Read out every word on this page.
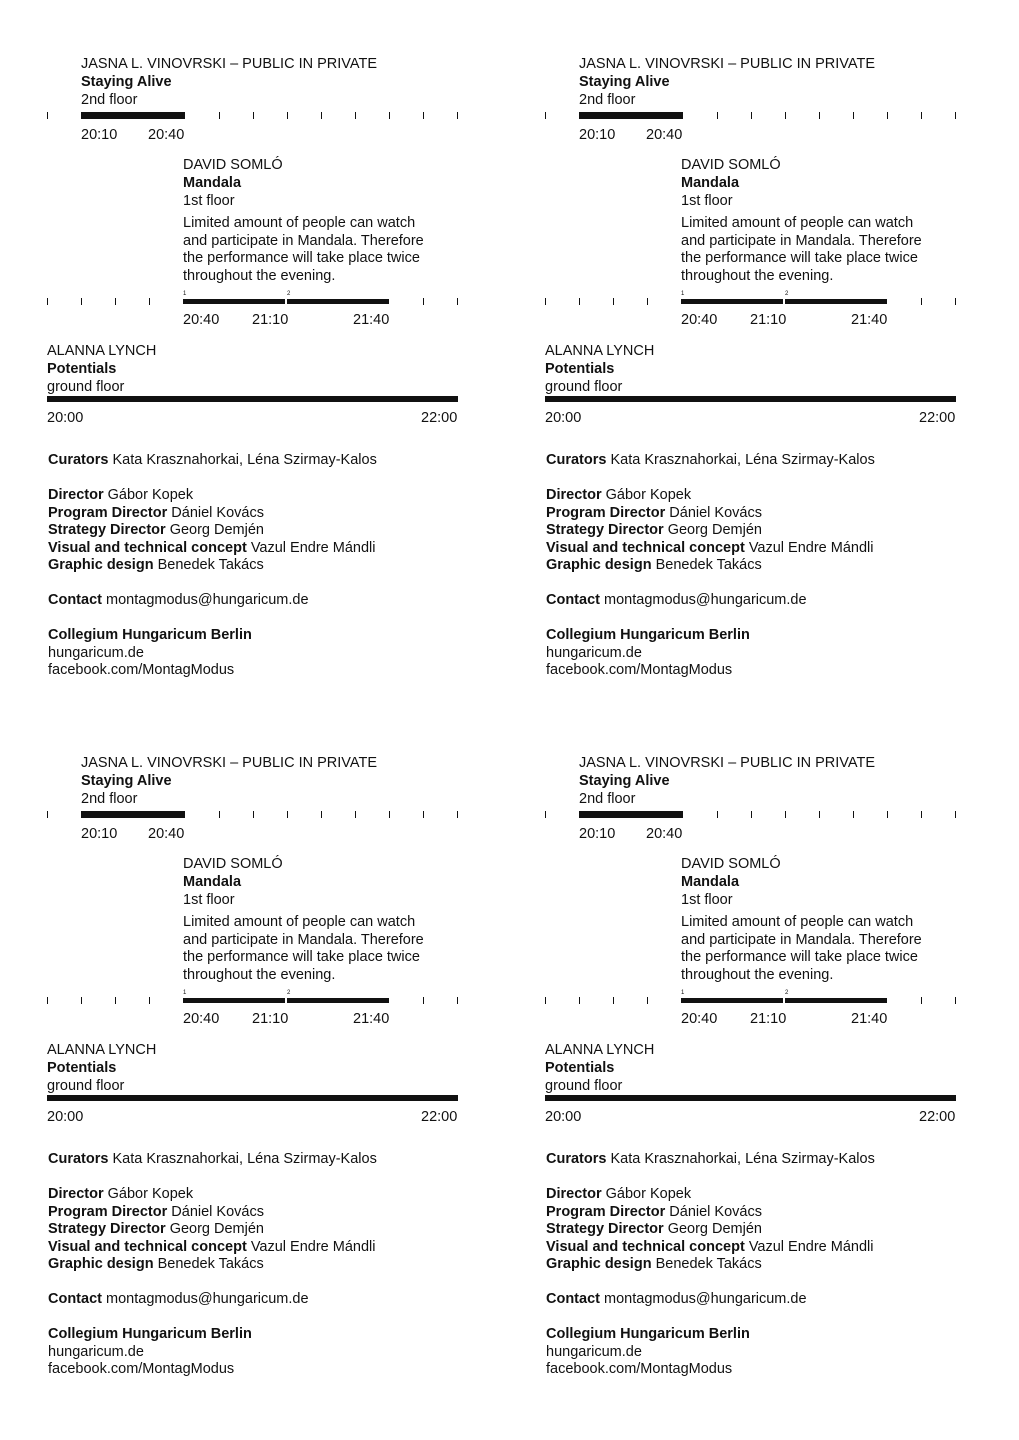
JASNA L. VINOVRSKI – PUBLIC IN PRIVATE
Staying Alive
2nd floor
20:10 20:40
DAVID SOMLÓ
Mandala
1st floor
Limited amount of people can watch and participate in Mandala. Therefore the performance will take place twice throughout the evening.
1	2
20:40 21:10	21:40
ALANNA LYNCH
Potentials
ground floor
20:00	22:00
Curators Kata Krasznahorkai, Léna Szirmay-Kalos
Director Gábor Kopek
Program Director Dániel Kovács
Strategy Director Georg Demjén
Visual and technical concept Vazul Endre Mándli
Graphic design Benedek Takács
Contact montagmodus@hungaricum.de
Collegium Hungaricum Berlin
hungaricum.de
facebook.com/MontagModus
JASNA L. VINOVRSKI – PUBLIC IN PRIVATE
Staying Alive
2nd floor
20:10 20:40
DAVID SOMLÓ
Mandala
1st floor
Limited amount of people can watch and participate in Mandala. Therefore the performance will take place twice throughout the evening.
1	2
20:40 21:10	21:40
ALANNA LYNCH
Potentials
ground floor
20:00	22:00
Curators Kata Krasznahorkai, Léna Szirmay-Kalos
Director Gábor Kopek
Program Director Dániel Kovács
Strategy Director Georg Demjén
Visual and technical concept Vazul Endre Mándli
Graphic design Benedek Takács
Contact montagmodus@hungaricum.de
Collegium Hungaricum Berlin
hungaricum.de
facebook.com/MontagModus
JASNA L. VINOVRSKI – PUBLIC IN PRIVATE
Staying Alive
2nd floor
20:10 20:40
DAVID SOMLÓ
Mandala
1st floor
Limited amount of people can watch and participate in Mandala. Therefore the performance will take place twice throughout the evening.
1	2
20:40 21:10	21:40
ALANNA LYNCH
Potentials
ground floor
20:00	22:00
Curators Kata Krasznahorkai, Léna Szirmay-Kalos
Director Gábor Kopek
Program Director Dániel Kovács
Strategy Director Georg Demjén
Visual and technical concept Vazul Endre Mándli
Graphic design Benedek Takács
Contact montagmodus@hungaricum.de
Collegium Hungaricum Berlin
hungaricum.de
facebook.com/MontagModus
JASNA L. VINOVRSKI – PUBLIC IN PRIVATE
Staying Alive
2nd floor
20:10 20:40
DAVID SOMLÓ
Mandala
1st floor
Limited amount of people can watch and participate in Mandala. Therefore the performance will take place twice throughout the evening.
1	2
20:40 21:10	21:40
ALANNA LYNCH
Potentials
ground floor
20:00	22:00
Curators Kata Krasznahorkai, Léna Szirmay-Kalos
Director Gábor Kopek
Program Director Dániel Kovács
Strategy Director Georg Demjén
Visual and technical concept Vazul Endre Mándli
Graphic design Benedek Takács
Contact montagmodus@hungaricum.de
Collegium Hungaricum Berlin
hungaricum.de
facebook.com/MontagModus
